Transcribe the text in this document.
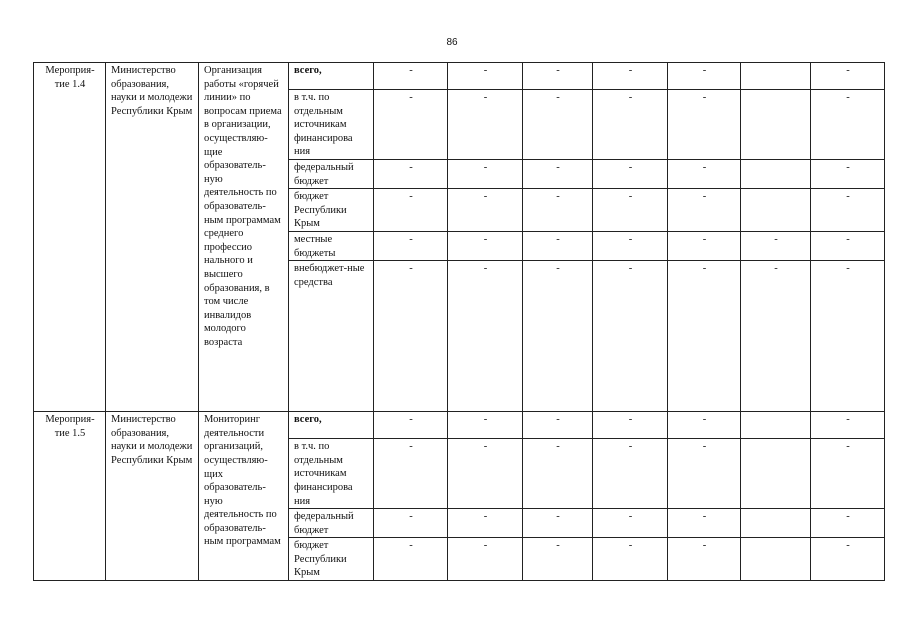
86
Мероприя-
тие 1.4	Министерство образования, науки и молодежи Республики Крым	Организация работы «горячей линии» по вопросам приема в организации, осуществляю-щие образователь-ную деятельность по образователь-ным программам среднего профессио нального и высшего образования, в том числе инвалидов молодого возраста	всего,	-	-	-	-	-		-
			в т.ч. по отдельным источникам финансирова ния	-	-	-	-	-		-
			федеральный бюджет	-	-	-	-	-		-
			бюджет Республики Крым	-	-	-	-	-		-
			местные бюджеты	-	-	-	-	-	-	-
			внебюджет-ные средства	-	-	-	-	-	-	-
Мероприя-
тие 1.5	Министерство образования, науки и молодежи Республики Крым	Мониторинг деятельности организаций, осуществляю-щих образователь-ную деятельность по образователь-ным программам	всего,	-	-	-	-	-		-
			в т.ч. по отдельным источникам финансирова ния	-	-	-	-	-		-
			федеральный бюджет	-	-	-	-	-		-
			бюджет Республики Крым	-	-	-	-	-		-
